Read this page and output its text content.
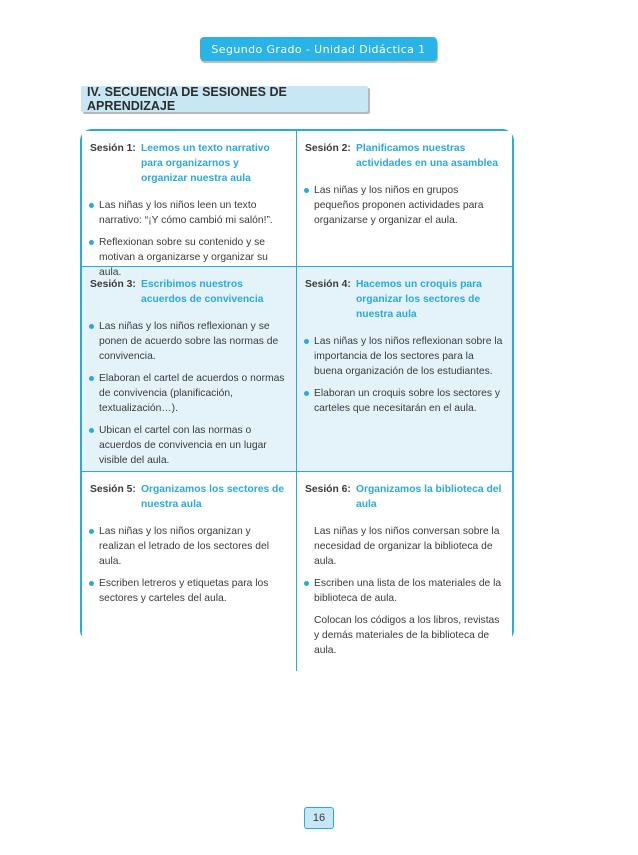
Segundo Grado - Unidad Didáctica 1
IV. SECUENCIA DE SESIONES DE APRENDIZAJE
Sesión 1: Leemos un texto narrativo para organizarnos y organizar nuestra aula
Las niñas y los niños leen un texto narrativo: “¡Y cómo cambió mi salón!”.
Reflexionan sobre su contenido y se motivan a organizarse y organizar su aula.
Sesión 2: Planificamos nuestras actividades en una asamblea
Las niñas y los niños en grupos pequeños proponen actividades para organizarse y organizar el aula.
Sesión 3: Escribimos nuestros acuerdos de convivencia
Las niñas y los niños reflexionan y se ponen de acuerdo sobre las normas de convivencia.
Elaboran el cartel de acuerdos o normas de convivencia (planificación, textualización…).
Ubican el cartel con las normas o acuerdos de convivencia en un lugar visible del aula.
Sesión 4: Hacemos un croquis para organizar los sectores de nuestra aula
Las niñas y los niños reflexionan sobre la importancia de los sectores para la buena organización de los estudiantes.
Elaboran un croquis sobre los sectores y carteles que necesitarán en el aula.
Sesión 5: Organizamos los sectores de nuestra aula
Las niñas y los niños organizan y realizan el letrado de los sectores del aula.
Escriben letreros y etiquetas para los sectores y carteles del aula.
Sesión 6: Organizamos la biblioteca del aula
Las niñas y los niños conversan sobre la necesidad de organizar la biblioteca de aula.
Escriben una lista de los materiales de la biblioteca de aula.
Colocan los códigos a los libros, revistas y demás materiales de la biblioteca de aula.
16
